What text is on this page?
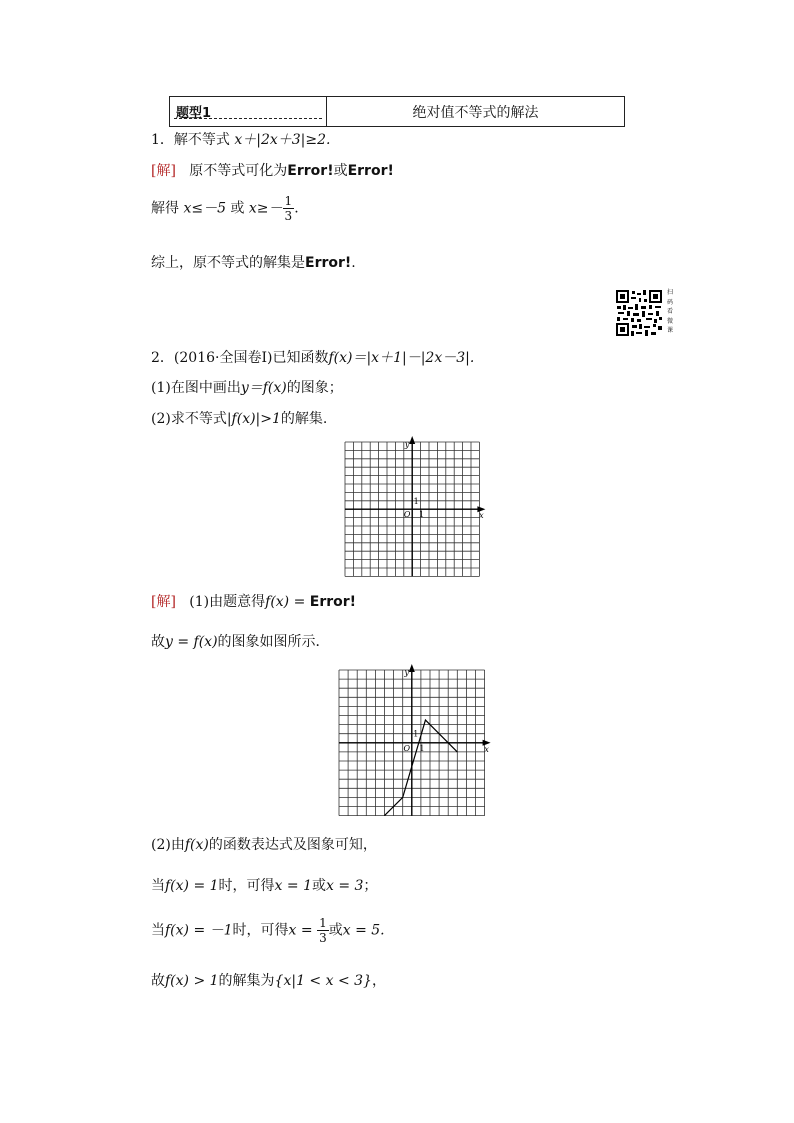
题型1	绝对值不等式的解法
1．解不等式 x＋|2x＋3|≥2.
[解] 原不等式可化为Error!或Error!
解得 x≤－5 或 $x\ge- \frac{1}{3}$ .
综上，原不等式的解集是Error!.
扫码看微课
2．(2016·全国卷Ⅰ)已知函数f(x)＝|x＋1|－|2x－3|.
(1)在图中画出y＝f(x)的图象；
(2)求不等式|f(x)|>1的解集.
x
y
O 1
1
[解] (1)由题意得f(x) = Error!
故y = f(x)的图象如图所示．
x
y
O 1
1
(2)由f(x)的函数表达式及图象可知，
当f(x) = 1时，可得x = 1或x = 3；
当f(x) = －1时，可得$x = \frac{1}{3}$ 或x = 5.
故f(x) > 1的解集为{x|1 < x < 3}，
